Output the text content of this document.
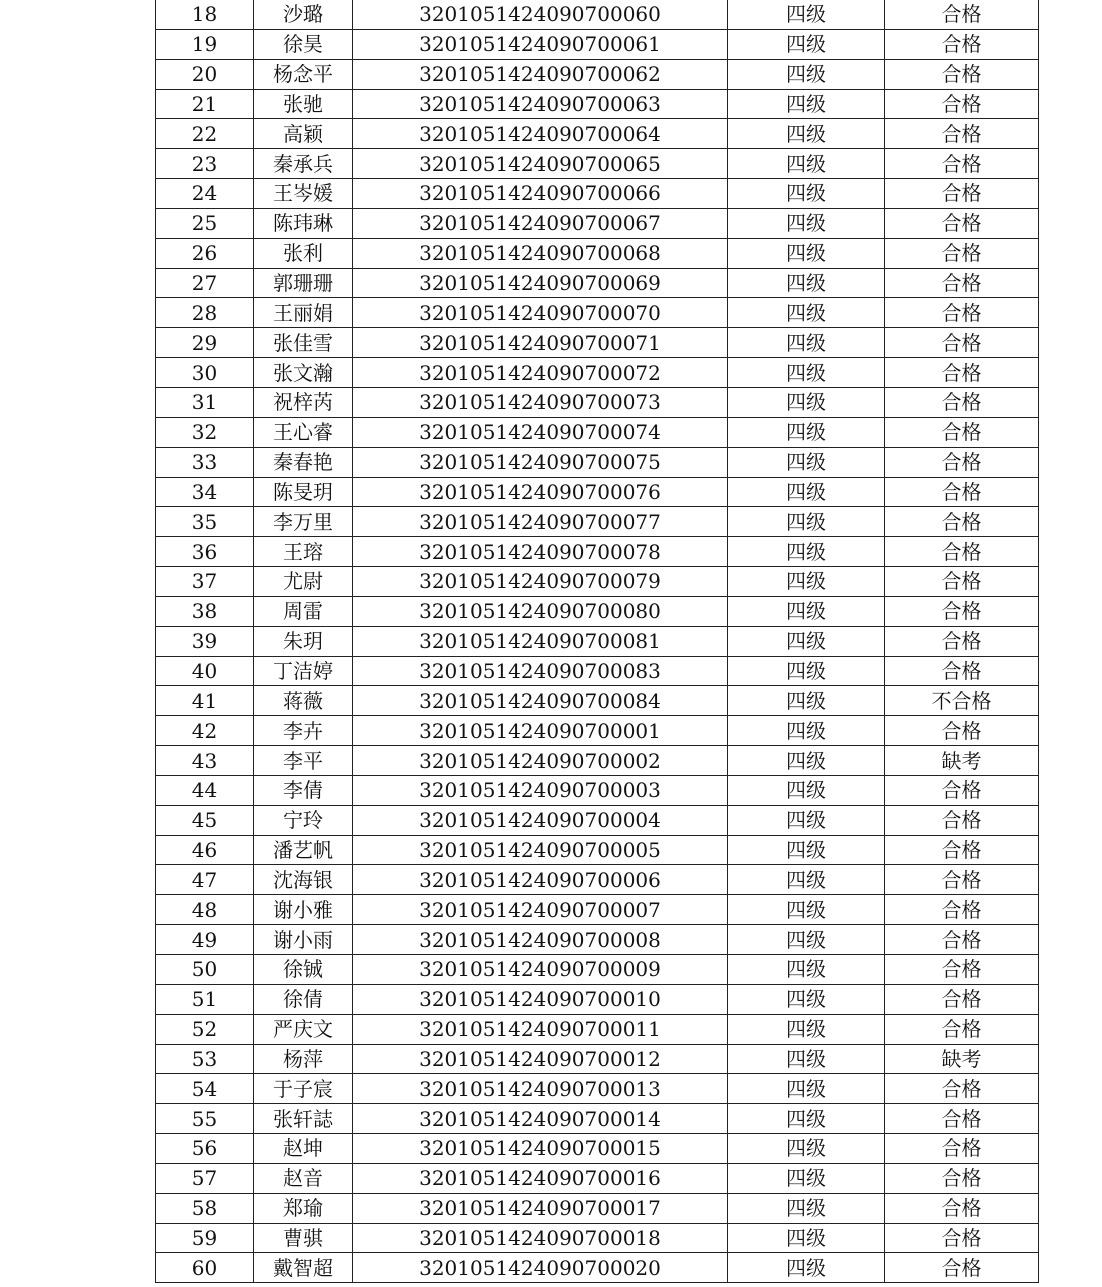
18	沙璐	3201051424090700060	四级	合格
19	徐昊	3201051424090700061	四级	合格
20	杨念平	3201051424090700062	四级	合格
21	张驰	3201051424090700063	四级	合格
22	高颖	3201051424090700064	四级	合格
23	秦承兵	3201051424090700065	四级	合格
24	王岑媛	3201051424090700066	四级	合格
25	陈玮琳	3201051424090700067	四级	合格
26	张利	3201051424090700068	四级	合格
27	郭珊珊	3201051424090700069	四级	合格
28	王丽娟	3201051424090700070	四级	合格
29	张佳雪	3201051424090700071	四级	合格
30	张文瀚	3201051424090700072	四级	合格
31	祝梓芮	3201051424090700073	四级	合格
32	王心睿	3201051424090700074	四级	合格
33	秦春艳	3201051424090700075	四级	合格
34	陈旻玥	3201051424090700076	四级	合格
35	李万里	3201051424090700077	四级	合格
36	王瑢	3201051424090700078	四级	合格
37	尤尉	3201051424090700079	四级	合格
38	周雷	3201051424090700080	四级	合格
39	朱玥	3201051424090700081	四级	合格
40	丁洁婷	3201051424090700083	四级	合格
41	蒋薇	3201051424090700084	四级	不合格
42	李卉	3201051424090700001	四级	合格
43	李平	3201051424090700002	四级	缺考
44	李倩	3201051424090700003	四级	合格
45	宁玲	3201051424090700004	四级	合格
46	潘艺帆	3201051424090700005	四级	合格
47	沈海银	3201051424090700006	四级	合格
48	谢小雅	3201051424090700007	四级	合格
49	谢小雨	3201051424090700008	四级	合格
50	徐铖	3201051424090700009	四级	合格
51	徐倩	3201051424090700010	四级	合格
52	严庆文	3201051424090700011	四级	合格
53	杨萍	3201051424090700012	四级	缺考
54	于子宸	3201051424090700013	四级	合格
55	张轩誌	3201051424090700014	四级	合格
56	赵坤	3201051424090700015	四级	合格
57	赵音	3201051424090700016	四级	合格
58	郑瑜	3201051424090700017	四级	合格
59	曹骐	3201051424090700018	四级	合格
60	戴智超	3201051424090700020	四级	合格
